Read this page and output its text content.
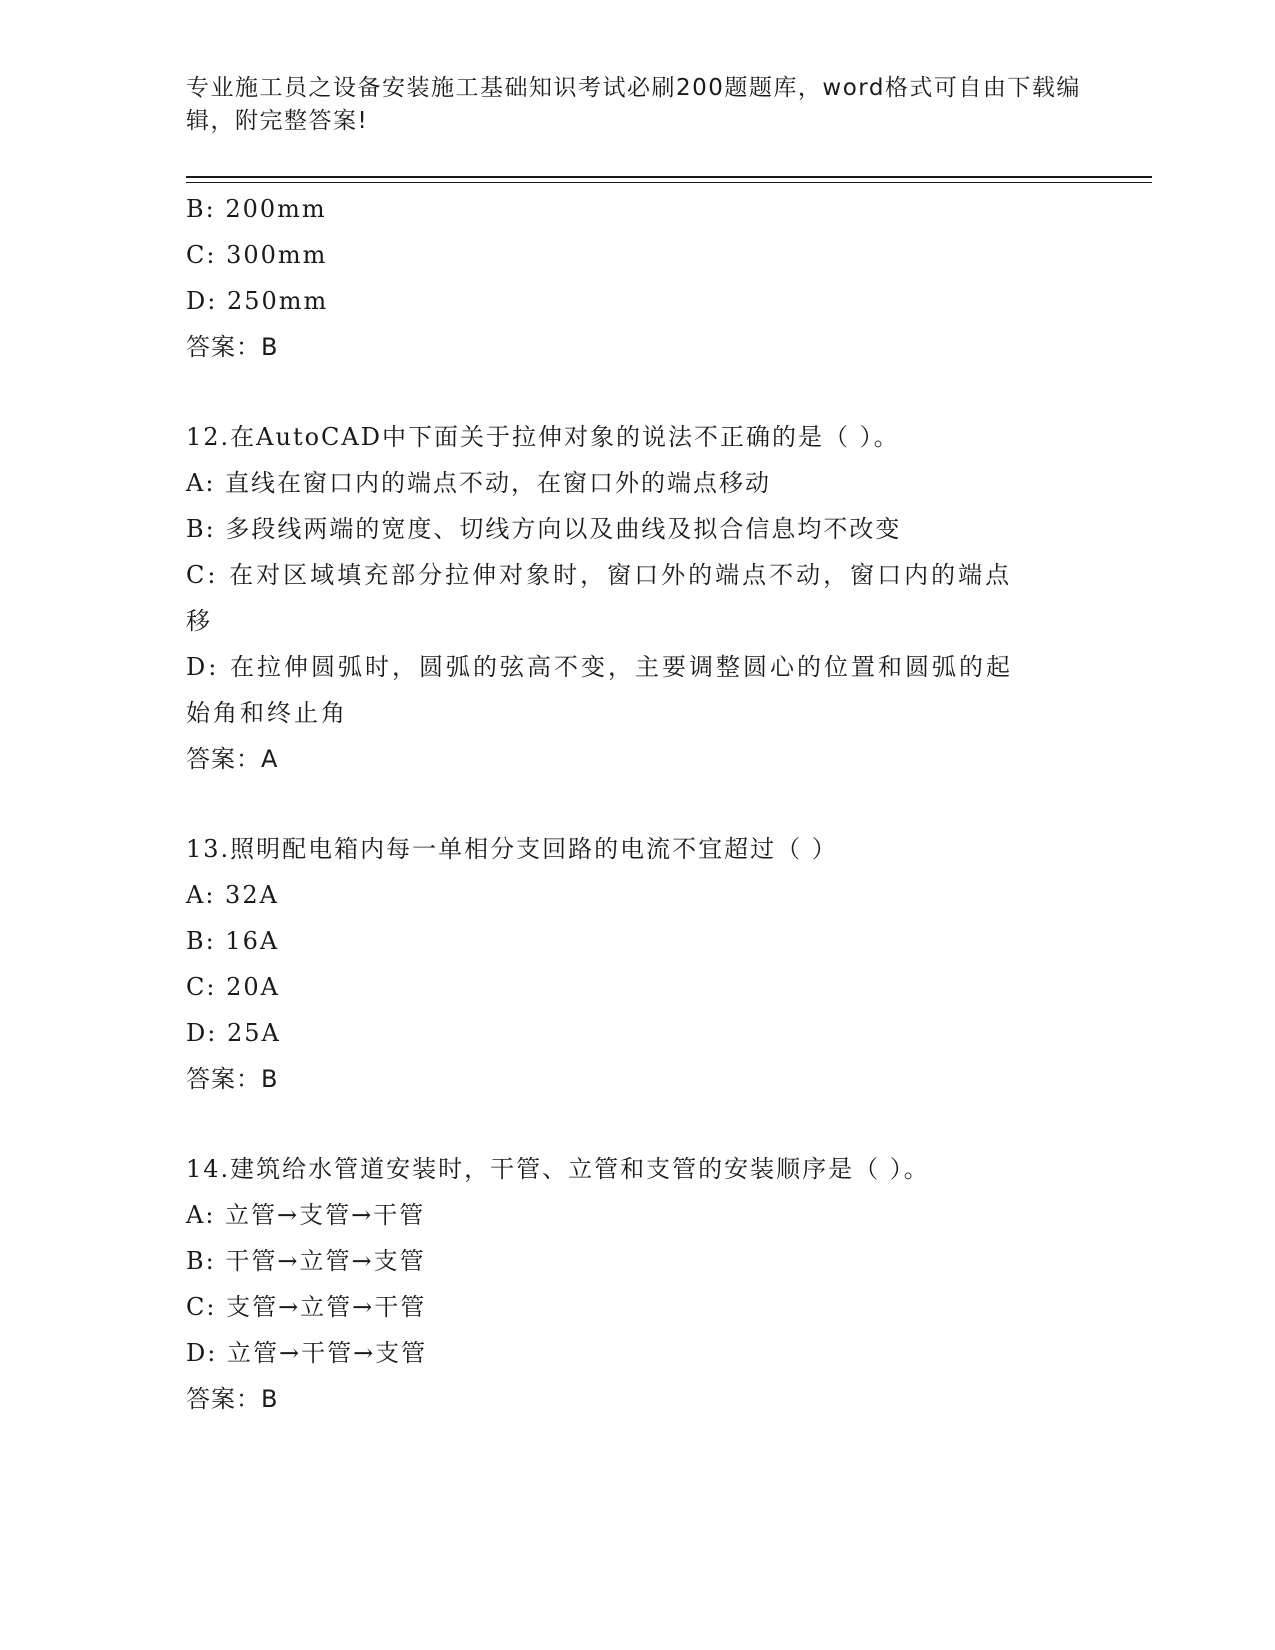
专业施工员之设备安装施工基础知识考试必刷200题题库，word格式可自由下载编辑，附完整答案!
B: 200mm
C: 300mm
D: 250mm
答案：B
12.在AutoCAD中下面关于拉伸对象的说法不正确的是（ ）。
A: 直线在窗口内的端点不动，在窗口外的端点移动
B: 多段线两端的宽度、切线方向以及曲线及拟合信息均不改变
C: 在对区域填充部分拉伸对象时，窗口外的端点不动，窗口内的端点移
D: 在拉伸圆弧时，圆弧的弦高不变，主要调整圆心的位置和圆弧的起始角和终止角
答案：A
13.照明配电箱内每一单相分支回路的电流不宜超过（ ）
A: 32A
B: 16A
C: 20A
D: 25A
答案：B
14.建筑给水管道安装时，干管、立管和支管的安装顺序是（ ）。
A: 立管→支管→干管
B: 干管→立管→支管
C: 支管→立管→干管
D: 立管→干管→支管
答案：B
